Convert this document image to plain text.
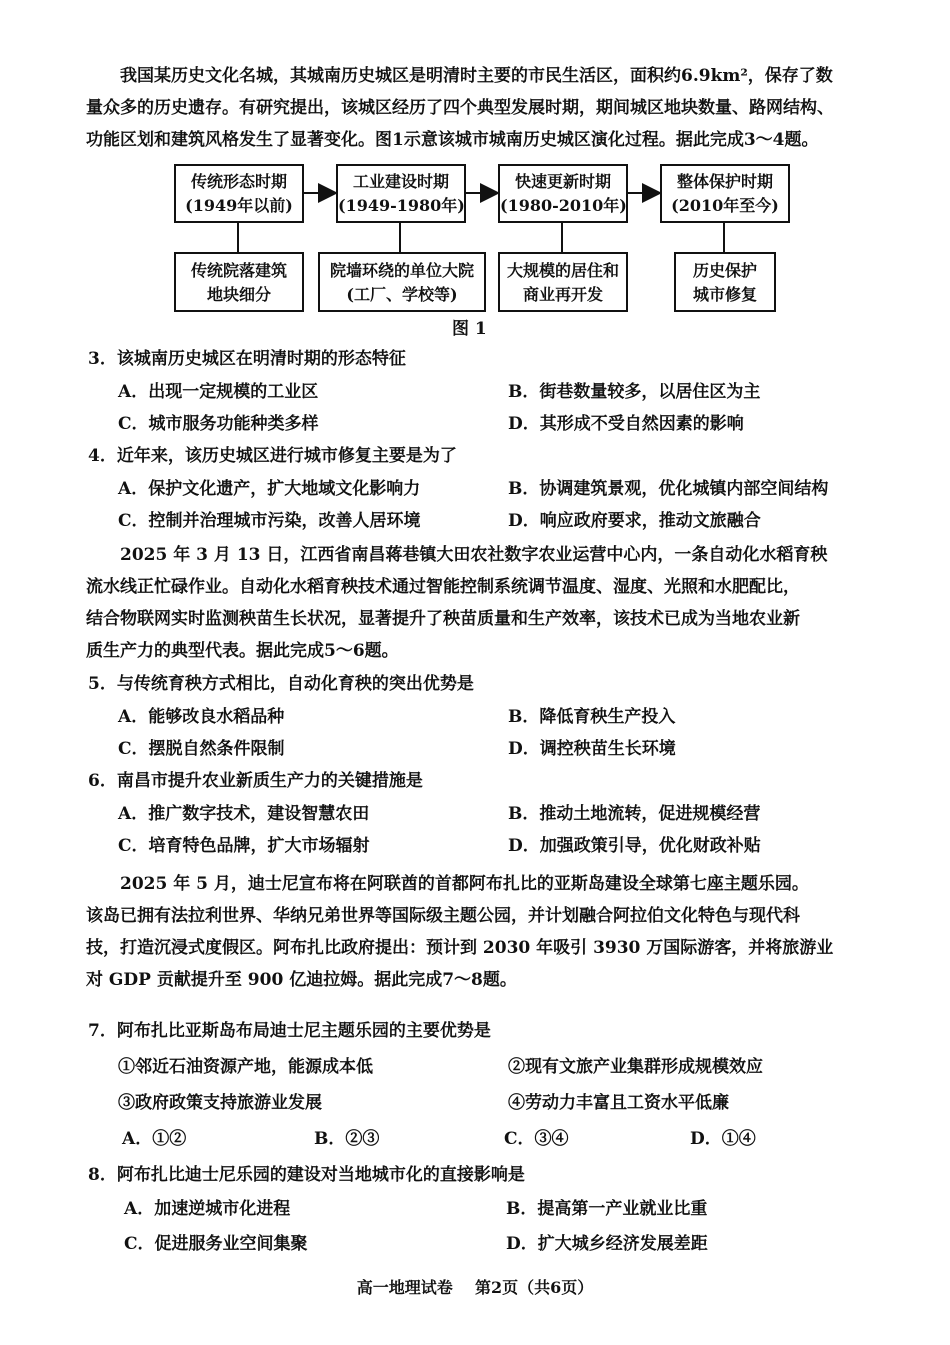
我国某历史文化名城，其城南历史城区是明清时主要的市民生活区，面积约6.9km²，保存了数
量众多的历史遗存。有研究提出，该城区经历了四个典型发展时期，期间城区地块数量、路网结构、
功能区划和建筑风格发生了显著变化。图1示意该城市城南历史城区演化过程。据此完成3～4题。
传统形态时期
(1949年以前)
工业建设时期
(1949-1980年)
快速更新时期
(1980-2010年)
整体保护时期
(2010年至今)
传统院落建筑
地块细分
院墙环绕的单位大院
(工厂、学校等)
大规模的居住和
商业再开发
历史保护
城市修复
图 1
3．该城南历史城区在明清时期的形态特征
A．出现一定规模的工业区	B．街巷数量较多，以居住区为主
C．城市服务功能种类多样	D．其形成不受自然因素的影响
4．近年来，该历史城区进行城市修复主要是为了
A．保护文化遗产，扩大地域文化影响力	B．协调建筑景观，优化城镇内部空间结构
C．控制并治理城市污染，改善人居环境	D．响应政府要求，推动文旅融合
2025 年 3 月 13 日，江西省南昌蒋巷镇大田农社数字农业运营中心内，一条自动化水稻育秧
流水线正忙碌作业。自动化水稻育秧技术通过智能控制系统调节温度、湿度、光照和水肥配比，
结合物联网实时监测秧苗生长状况，显著提升了秧苗质量和生产效率，该技术已成为当地农业新
质生产力的典型代表。据此完成5～6题。
5．与传统育秧方式相比，自动化育秧的突出优势是
A．能够改良水稻品种	B．降低育秧生产投入
C．摆脱自然条件限制	D．调控秧苗生长环境
6．南昌市提升农业新质生产力的关键措施是
A．推广数字技术，建设智慧农田	B．推动土地流转，促进规模经营
C．培育特色品牌，扩大市场辐射	D．加强政策引导，优化财政补贴
2025 年 5 月，迪士尼宣布将在阿联酋的首都阿布扎比的亚斯岛建设全球第七座主题乐园。
该岛已拥有法拉利世界、华纳兄弟世界等国际级主题公园，并计划融合阿拉伯文化特色与现代科
技，打造沉浸式度假区。阿布扎比政府提出：预计到 2030 年吸引 3930 万国际游客，并将旅游业
对 GDP 贡献提升至 900 亿迪拉姆。据此完成7～8题。
7．阿布扎比亚斯岛布局迪士尼主题乐园的主要优势是
①邻近石油资源产地，能源成本低	②现有文旅产业集群形成规模效应
③政府政策支持旅游业发展	④劳动力丰富且工资水平低廉
A．①②	B．②③	C．③④	D．①④
8．阿布扎比迪士尼乐园的建设对当地城市化的直接影响是
A．加速逆城市化进程	B．提高第一产业就业比重
C．促进服务业空间集聚	D．扩大城乡经济发展差距
高一地理试卷    第2页（共6页）
